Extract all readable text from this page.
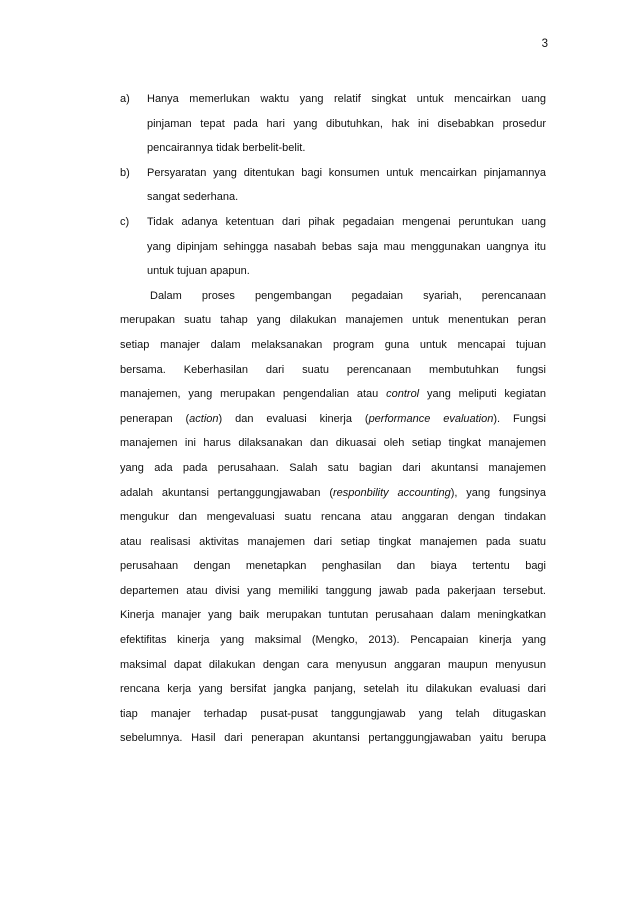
3
a) Hanya memerlukan waktu yang relatif singkat untuk mencairkan uang
pinjaman tepat pada hari yang dibutuhkan, hak ini disebabkan prosedur
pencairannya tidak berbelit-belit.
b) Persyaratan yang ditentukan bagi konsumen untuk mencairkan pinjamannya
sangat sederhana.
c) Tidak adanya ketentuan dari pihak pegadaian mengenai peruntukan uang
yang dipinjam sehingga nasabah bebas saja mau menggunakan uangnya itu
untuk tujuan apapun.
Dalam proses pengembangan pegadaian syariah, perencanaan
merupakan suatu tahap yang dilakukan manajemen untuk menentukan peran
setiap manajer dalam melaksanakan program guna untuk mencapai tujuan
bersama. Keberhasilan dari suatu perencanaan membutuhkan fungsi
manajemen, yang merupakan pengendalian atau control yang meliputi kegiatan
penerapan (action) dan evaluasi kinerja (performance evaluation). Fungsi
manajemen ini harus dilaksanakan dan dikuasai oleh setiap tingkat manajemen
yang ada pada perusahaan. Salah satu bagian dari akuntansi manajemen
adalah akuntansi pertanggungjawaban (responbility accounting), yang fungsinya
mengukur dan mengevaluasi suatu rencana atau anggaran dengan tindakan
atau realisasi aktivitas manajemen dari setiap tingkat manajemen pada suatu
perusahaan dengan menetapkan penghasilan dan biaya tertentu bagi
departemen atau divisi yang memiliki tanggung jawab pada pakerjaan tersebut.
Kinerja manajer yang baik merupakan tuntutan perusahaan dalam meningkatkan
efektifitas kinerja yang maksimal (Mengko, 2013). Pencapaian kinerja yang
maksimal dapat dilakukan dengan cara menyusun anggaran maupun menyusun
rencana kerja yang bersifat jangka panjang, setelah itu dilakukan evaluasi dari
tiap manajer terhadap pusat-pusat tanggungjawab yang telah ditugaskan
sebelumnya. Hasil dari penerapan akuntansi pertanggungjawaban yaitu berupa
